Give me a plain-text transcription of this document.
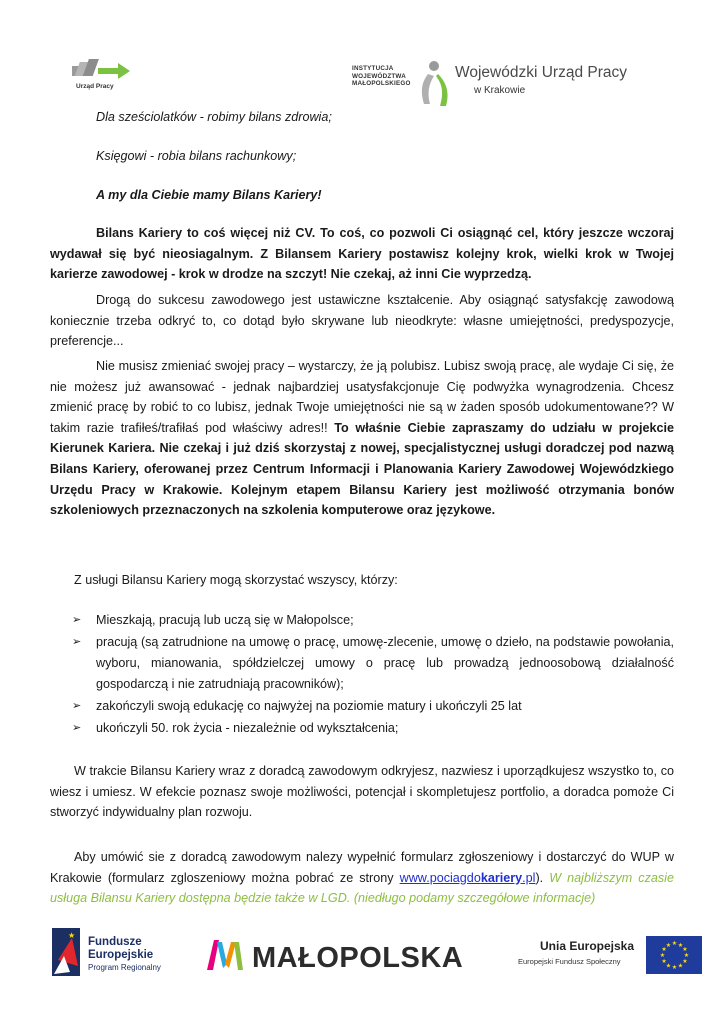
Urząd Pracy
INSTYTUCJA
WOJEWÓDZTWA
MAŁOPOLSKIEGO
Wojewódzki Urząd Pracy
w Krakowie
Dla sześciolatków - robimy bilans zdrowia;
Księgowi - robia bilans rachunkowy;
A my dla Ciebie mamy Bilans Kariery!

Bilans Kariery to coś więcej niż CV. To coś, co pozwoli Ci osiągnąć cel, który jeszcze wczoraj wydawał się być nieosiagalnym. Z Bilansem Kariery postawisz kolejny krok, wielki krok w Twojej karierze zawodowej - krok w drodze na szczyt! Nie czekaj, aż inni Cie wyprzedzą.

Drogą do sukcesu zawodowego jest ustawiczne kształcenie. Aby osiągnąć satysfakcję zawodową koniecznie trzeba odkryć to, co dotąd było skrywane lub nieodkryte: własne umiejętności, predyspozycje, preferencje...

Nie musisz zmieniać swojej pracy – wystarczy, że ją polubisz. Lubisz swoją pracę, ale wydaje Ci się, że nie możesz już awansować - jednak najbardziej usatysfakcjonuje Cię podwyżka wynagrodzenia. Chcesz zmienić pracę by robić to co lubisz, jednak Twoje umiejętności nie są w żaden sposób udokumentowane?? W takim razie trafiłeś/trafiłaś pod właściwy adres!! To właśnie Ciebie zapraszamy do udziału w projekcie Kierunek Kariera. Nie czekaj i już dziś skorzystaj z nowej, specjalistycznej usługi doradczej pod nazwą Bilans Kariery, oferowanej przez Centrum Informacji i Planowania Kariery Zawodowej Wojewódzkiego Urzędu Pracy w Krakowie. Kolejnym etapem Bilansu Kariery jest możliwość otrzymania bonów szkoleniowych przeznaczonych na szkolenia komputerowe oraz językowe.

Z usługi Bilansu Kariery mogą skorzystać wszyscy, którzy:
➢ Mieszkają, pracują lub uczą się w Małopolsce;
➢ pracują (są zatrudnione na umowę o pracę, umowę-zlecenie, umowę o dzieło, na podstawie powołania, wyboru, mianowania, spółdzielczej umowy o pracę lub prowadzą jednoosobową działalność gospodarczą i nie zatrudniają pracowników);
➢ zakończyli swoją edukację co najwyżej na poziomie matury i ukończyli 25 lat
➢ ukończyli 50. rok życia - niezależnie od wykształcenia;

W trakcie Bilansu Kariery wraz z doradcą zawodowym odkryjesz, nazwiesz i uporządkujesz wszystko to, co wiesz i umiesz. W efekcie poznasz swoje możliwości, potencjał i skompletujesz portfolio, a doradca pomoże Ci stworzyć indywidualny plan rozwoju.

Aby umówić sie z doradcą zawodowym nalezy wypełnić formularz zgłoszeniowy i dostarczyć do WUP w Krakowie (formularz zgloszeniowy można pobrać ze strony www.pociagdokariery.pl). W najbliższym czasie usługa Bilansu Kariery dostępna będzie także w LGD. (niedługo podamy szczegółowe informacje)

★
Fundusze
Europejskie
Program Regionalny	MAŁOPOLSKA	Unia Europejska
Europejski Fundusz Społeczny
★
★
★
★
★
★
★
★
★ ★ ★
★
